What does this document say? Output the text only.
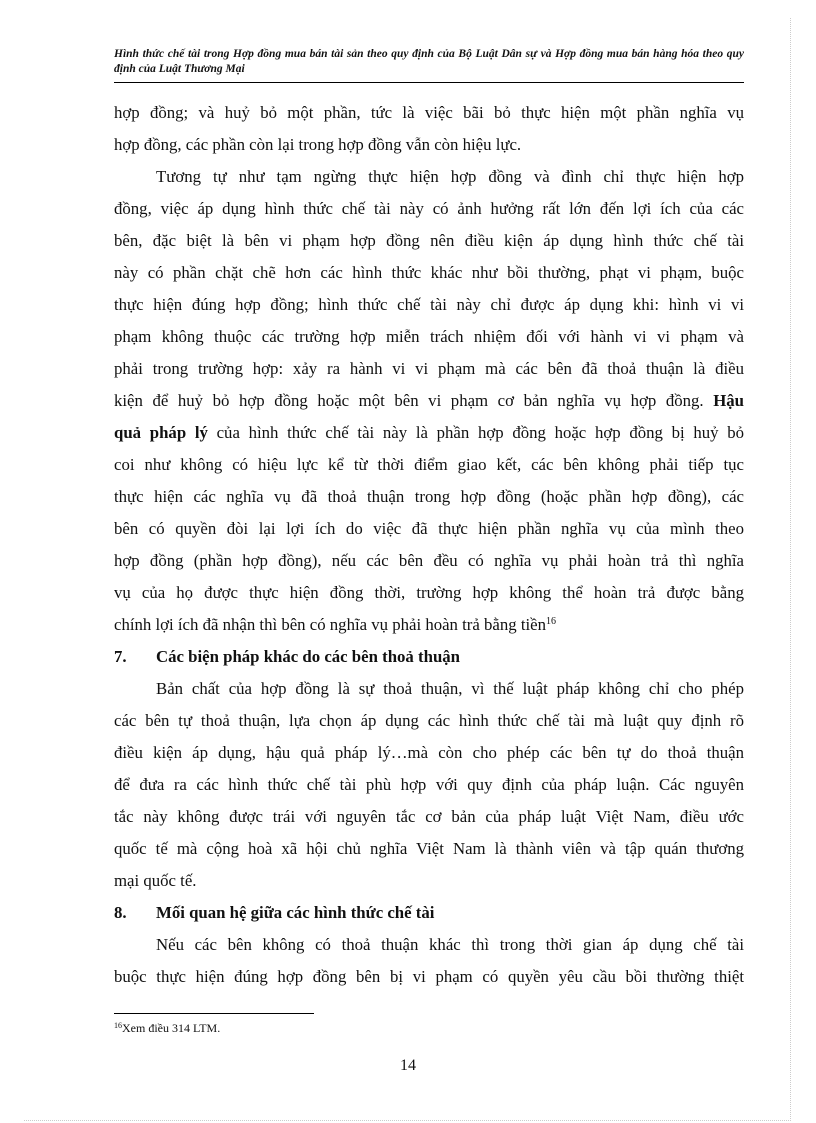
Hình thức chế tài trong Hợp đồng mua bán tài sản theo quy định của Bộ Luật Dân sự và Hợp đồng mua bán hàng hóa theo quy định của Luật Thương Mại
hợp đồng; và huỷ bỏ một phần, tức là việc bãi bỏ thực hiện một phần nghĩa vụ
hợp đồng, các phần còn lại trong hợp đồng vẫn còn hiệu lực.
Tương tự như tạm ngừng thực hiện hợp đồng và đình chỉ thực hiện hợp
đồng, việc áp dụng hình thức chế tài này có ảnh hưởng rất lớn đến lợi ích của các
bên, đặc biệt là bên vi phạm hợp đồng nên điều kiện áp dụng hình thức chế tài
này có phần chặt chẽ hơn các hình thức khác như bồi thường, phạt vi phạm, buộc
thực hiện đúng hợp đồng; hình thức chế tài này chỉ được áp dụng khi: hình vi vi
phạm không thuộc các trường hợp miễn trách nhiệm đối với hành vi vi phạm và
phải trong trường hợp: xảy ra hành vi vi phạm mà các bên đã thoả thuận là điều
kiện để huỷ bỏ hợp đồng hoặc một bên vi phạm cơ bản nghĩa vụ hợp đồng. Hậu
quả pháp lý của hình thức chế tài này là phần hợp đồng hoặc hợp đồng bị huỷ bỏ
coi như không có hiệu lực kể từ thời điểm giao kết, các bên không phải tiếp tục
thực hiện các nghĩa vụ đã thoả thuận trong hợp đồng (hoặc phần hợp đồng), các
bên có quyền đòi lại lợi ích do việc đã thực hiện phần nghĩa vụ của mình theo
hợp đồng (phần hợp đồng), nếu các bên đều có nghĩa vụ phải hoàn trả thì nghĩa
vụ của họ được thực hiện đồng thời, trường hợp không thể hoàn trả được bằng
chính lợi ích đã nhận thì bên có nghĩa vụ phải hoàn trả bằng tiền$^{16}$
7. Các biện pháp khác do các bên thoả thuận
Bản chất của hợp đồng là sự thoả thuận, vì thế luật pháp không chỉ cho phép
các bên tự thoả thuận, lựa chọn áp dụng các hình thức chế tài mà luật quy định rõ
điều kiện áp dụng, hậu quả pháp lý…mà còn cho phép các bên tự do thoả thuận
để đưa ra các hình thức chế tài phù hợp với quy định của pháp luận. Các nguyên
tắc này không được trái với nguyên tắc cơ bản của pháp luật Việt Nam, điều ước
quốc tế mà cộng hoà xã hội chủ nghĩa Việt Nam là thành viên và tập quán thương
mại quốc tế.
8. Mối quan hệ giữa các hình thức chế tài
Nếu các bên không có thoả thuận khác thì trong thời gian áp dụng chế tài
buộc thực hiện đúng hợp đồng bên bị vi phạm có quyền yêu cầu bồi thường thiệt
$^{16}$Xem điều 314 LTM.
14
